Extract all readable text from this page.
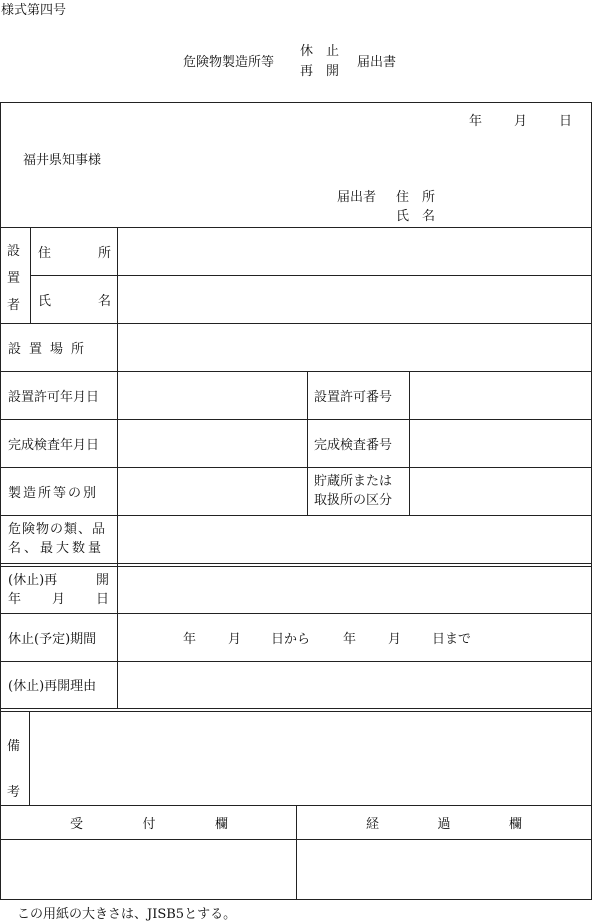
様式第四号
危険物製造所等
休　止
再　開
届出書
年 月 日
福井県知事様
届出者 住　所
氏　名
設
置
者
住	所
氏	名
設置場所
設置許可年月日	設置許可番号
完成検査年月日	完成検査番号
製造所等の別
貯蔵所または
取扱所の区分
危険物の類、品
名、最大数量
(休止)再	開
年 月 日
休止(予定)期間	年 月 日から	年 月 日まで
(休止)再開理由
備
考
受	付	欄	経	過	欄
この用紙の大きさは、JISB5とする。
